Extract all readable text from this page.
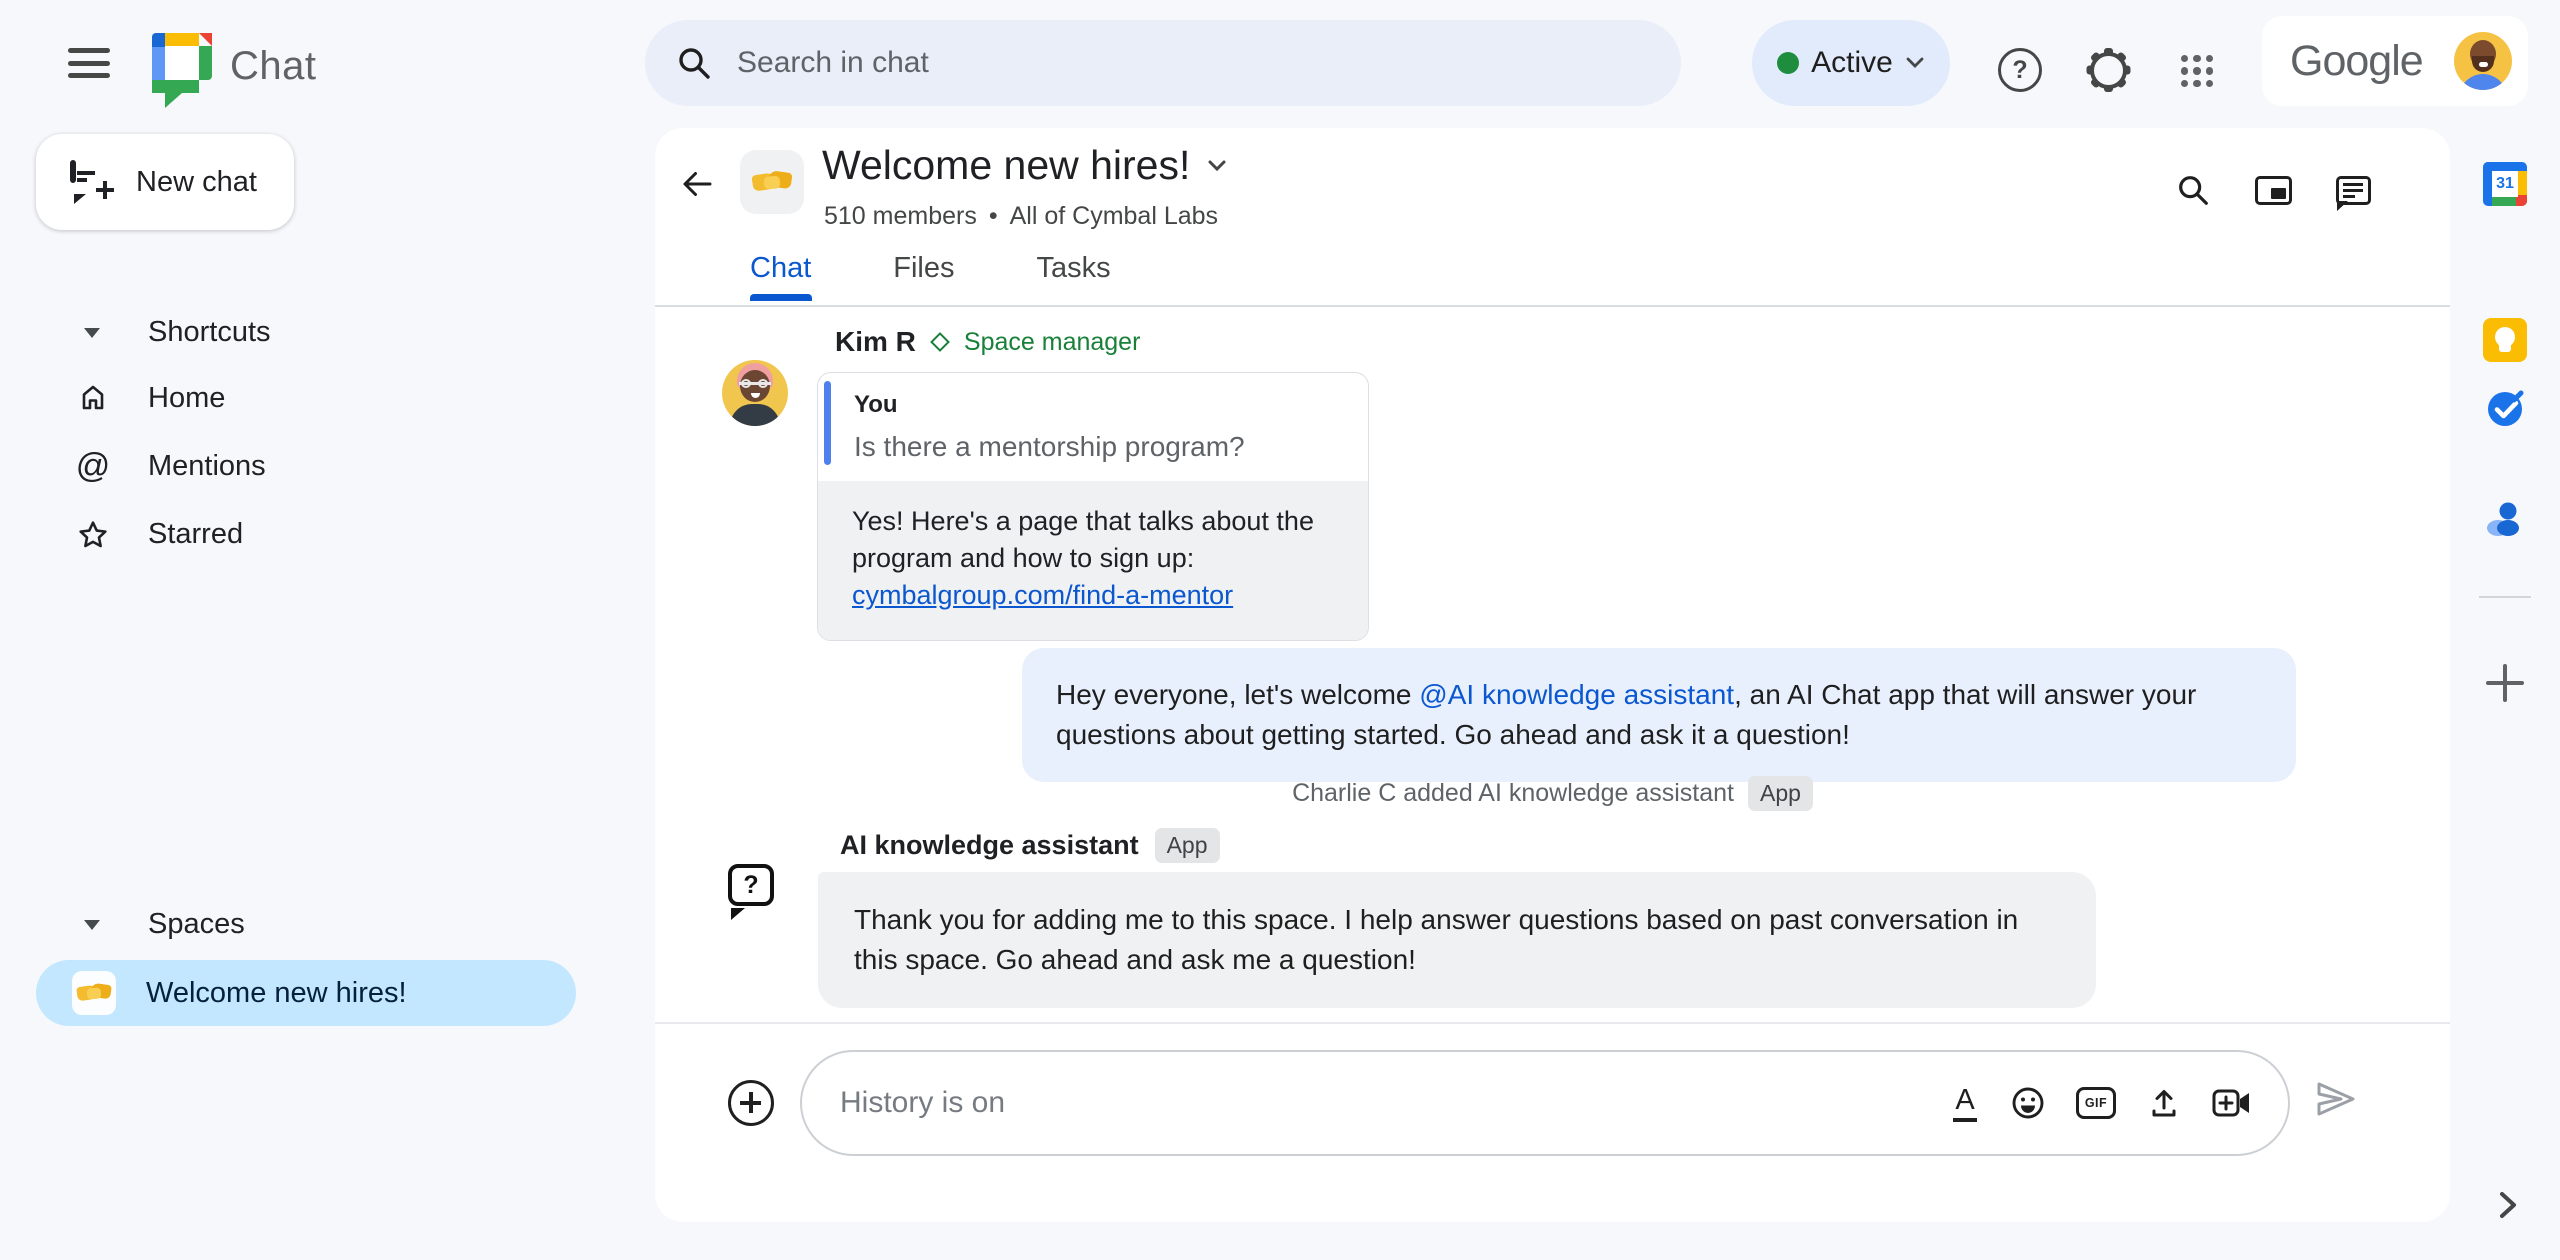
Chat
Search in chat	Active	?	Google
New chat
Shortcuts
Home
@ Mentions
Starred
Spaces
Welcome new hires!
Welcome new hires!
510 members • All of Cymbal Labs
Chat	Files	Tasks
Kim R Space manager
You
Is there a mentorship program?
Yes! Here's a page that talks about the program and how to sign up: cymbalgroup.com/find-a-mentor
Hey everyone, let's welcome @AI knowledge assistant, an AI Chat app that will answer your questions about getting started. Go ahead and ask it a question!
Charlie C added AI knowledge assistant	App
AI knowledge assistant	App
?
Thank you for adding me to this space. I help answer questions based on past conversation in this space. Go ahead and ask me a question!
History is on
A	GIF
31
